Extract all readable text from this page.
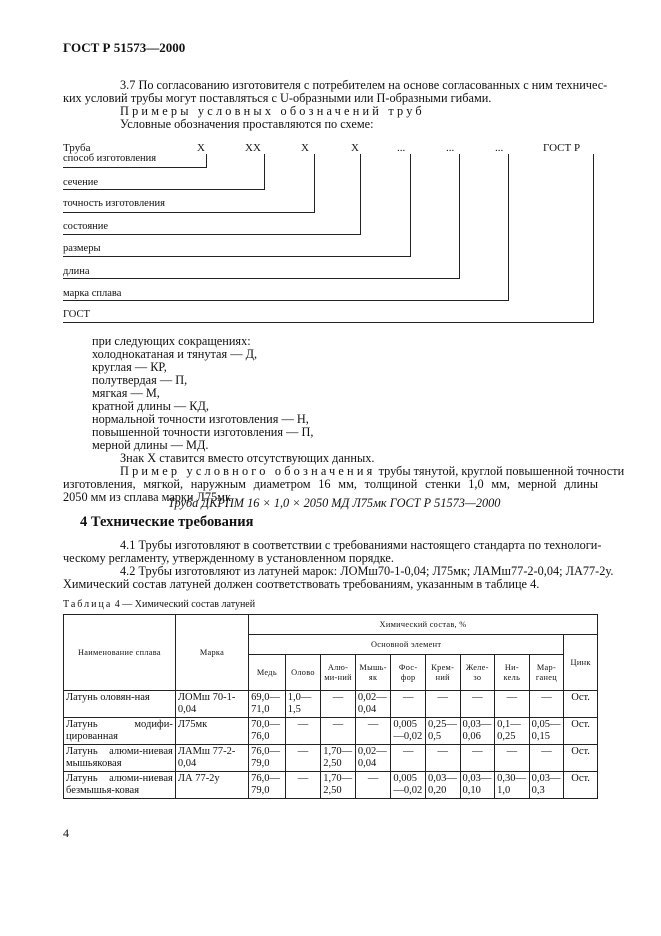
ГОСТ Р 51573—2000
3.7 По согласованию изготовителя с потребителем на основе согласованных с ним техничес-
ких условий трубы могут поставляться с U-образными или П-образными гибами.
Примеры условных обозначений труб
Условные обозначения проставляются по схеме:
Труба	X	XX	X	X	...	...	...	ГОСТ Р
способ изготовления
сечение
точность изготовления
состояние
размеры
длина
марка сплава
ГОСТ
при следующих сокращениях:
холоднокатаная и тянутая — Д,
круглая — КР,
полутвердая — П,
мягкая — М,
кратной длины — КД,
нормальной точности изготовления — Н,
повышенной точности изготовления — П,
мерной длины — МД.
Знак X ставится вместо отсутствующих данных.
Пример условного обозначения трубы тянутой, круглой повышенной точности
изготовления, мягкой, наружным диаметром 16 мм, толщиной стенки 1,0 мм, мерной длины
2050 мм из сплава марки Л75мк
Труба ДКРПМ 16 × 1,0 × 2050 МД Л75мк ГОСТ Р 51573—2000
4 Технические требования
4.1 Трубы изготовляют в соответствии с требованиями настоящего стандарта по технологи-
ческому регламенту, утвержденному в установленном порядке.
4.2 Трубы изготовляют из латуней марок: ЛОМш70-1-0,04; Л75мк; ЛАМш77-2-0,04; ЛА77-2у.
Химический состав латуней должен соответствовать требованиям, указанным в таблице 4.
Таблица 4 — Химический состав латуней
Наименование сплава	Марка	Химический состав, %									
		Основной элемент									Цинк
		Медь	Олово	Алю-ми-ний	Мышь-як	Фос-фор	Крем-ний	Желе-зо	Ни-кель	Мар-ганец	
Латунь оловян-ная	ЛОМш 70-1-0,04	69,0—71,0	1,0—1,5	—	0,02—0,04	—	—	—	—	—	Ост.
Латунь модифи-цированная	Л75мк	70,0—76,0	—	—	—	0,005—0,02	0,25—0,5	0,03—0,06	0,1—0,25	0,05—0,15	Ост.
Латунь алюми-ниевая мышьяковая	ЛАМш 77-2-0,04	76,0—79,0	—	1,70—2,50	0,02—0,04	—	—	—	—	—	Ост.
Латунь алюми-ниевая безмышья-ковая	ЛА 77-2у	76,0—79,0	—	1,70—2,50	—	0,005—0,02	0,03—0,20	0,03—0,10	0,30—1,0	0,03—0,3	Ост.
4
